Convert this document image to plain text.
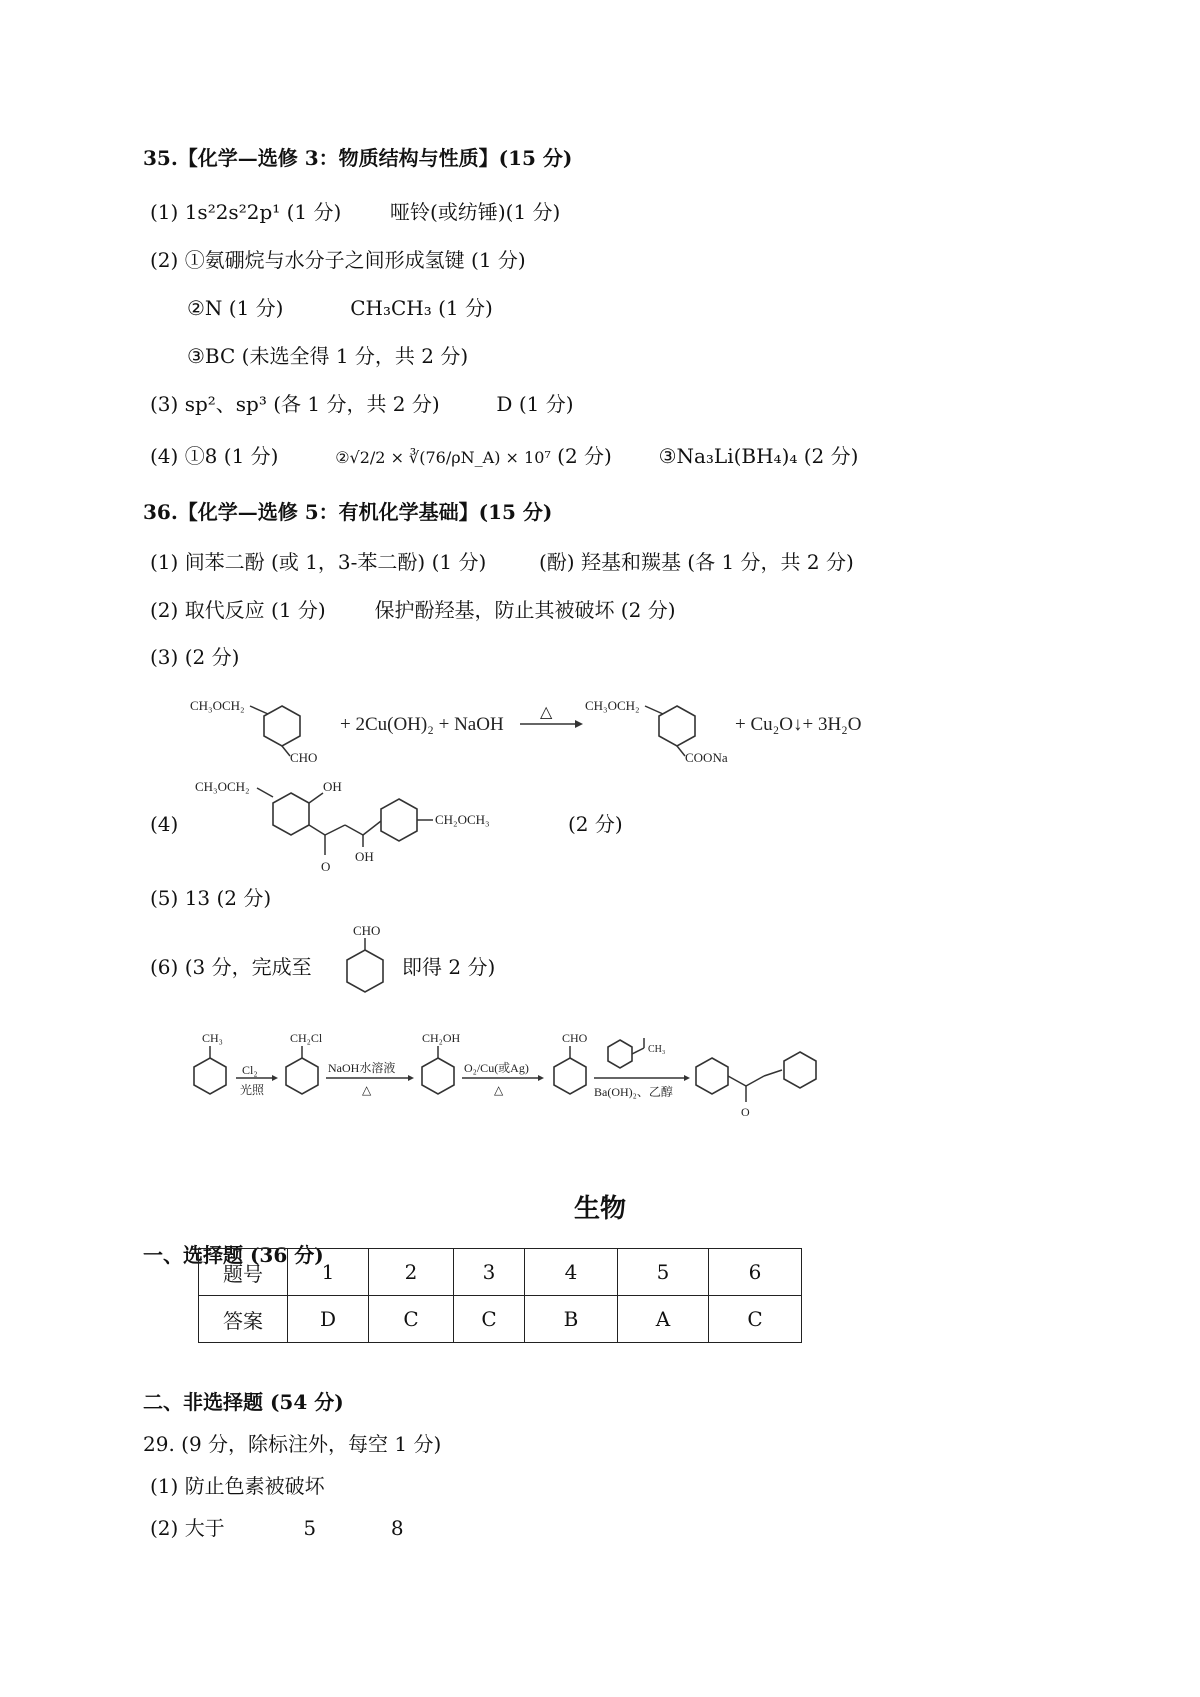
35.【化学—选修 3：物质结构与性质】(15 分)
(1) 1s²2s²2p¹ (1 分) 哑铃(或纺锤)(1 分)
(2) ①氨硼烷与水分子之间形成氢键 (1 分)
②N (1 分)	CH₃CH₃ (1 分)
③BC (未选全得 1 分，共 2 分)
(3) sp²、sp³ (各 1 分，共 2 分)	D (1 分)
(4) ①8 (1 分)	②√2/2 × ∛(76/ρN_A) × 10⁷ (2 分) ③Na₃Li(BH₄)₄ (2 分)
36.【化学—选修 5：有机化学基础】(15 分)
(1) 间苯二酚 (或 1，3-苯二酚) (1 分)	(酚) 羟基和羰基 (各 1 分，共 2 分)
(2) 取代反应 (1 分) 保护酚羟基，防止其被破坏 (2 分)
(3) (2 分)
CH₃OCH₂
CHO
+ 2Cu(OH)₂ + NaOH
△	CH₃OCH₂
COONa
+ Cu₂O↓+ 3H₂O
(4)
CH₃OCH₂	OH
O
OH
CH₂OCH₃	(2 分)
(5) 13 (2 分)
(6) (3 分，完成至
CHO
即得 2 分)
CH₃
Cl₂
光照
CH₂Cl
NaOH水溶液
△
CH₂OH
O₂/Cu(或Ag)
△
CHO
CH₃
Ba(OH)₂、乙醇
O
生物
一、选择题 (36 分)
题号	1	2	3	4	5	6
答案	D	C	C	B	A	C
二、非选择题 (54 分)
29. (9 分，除标注外，每空 1 分)
(1) 防止色素被破坏
(2) 大于	5	8
